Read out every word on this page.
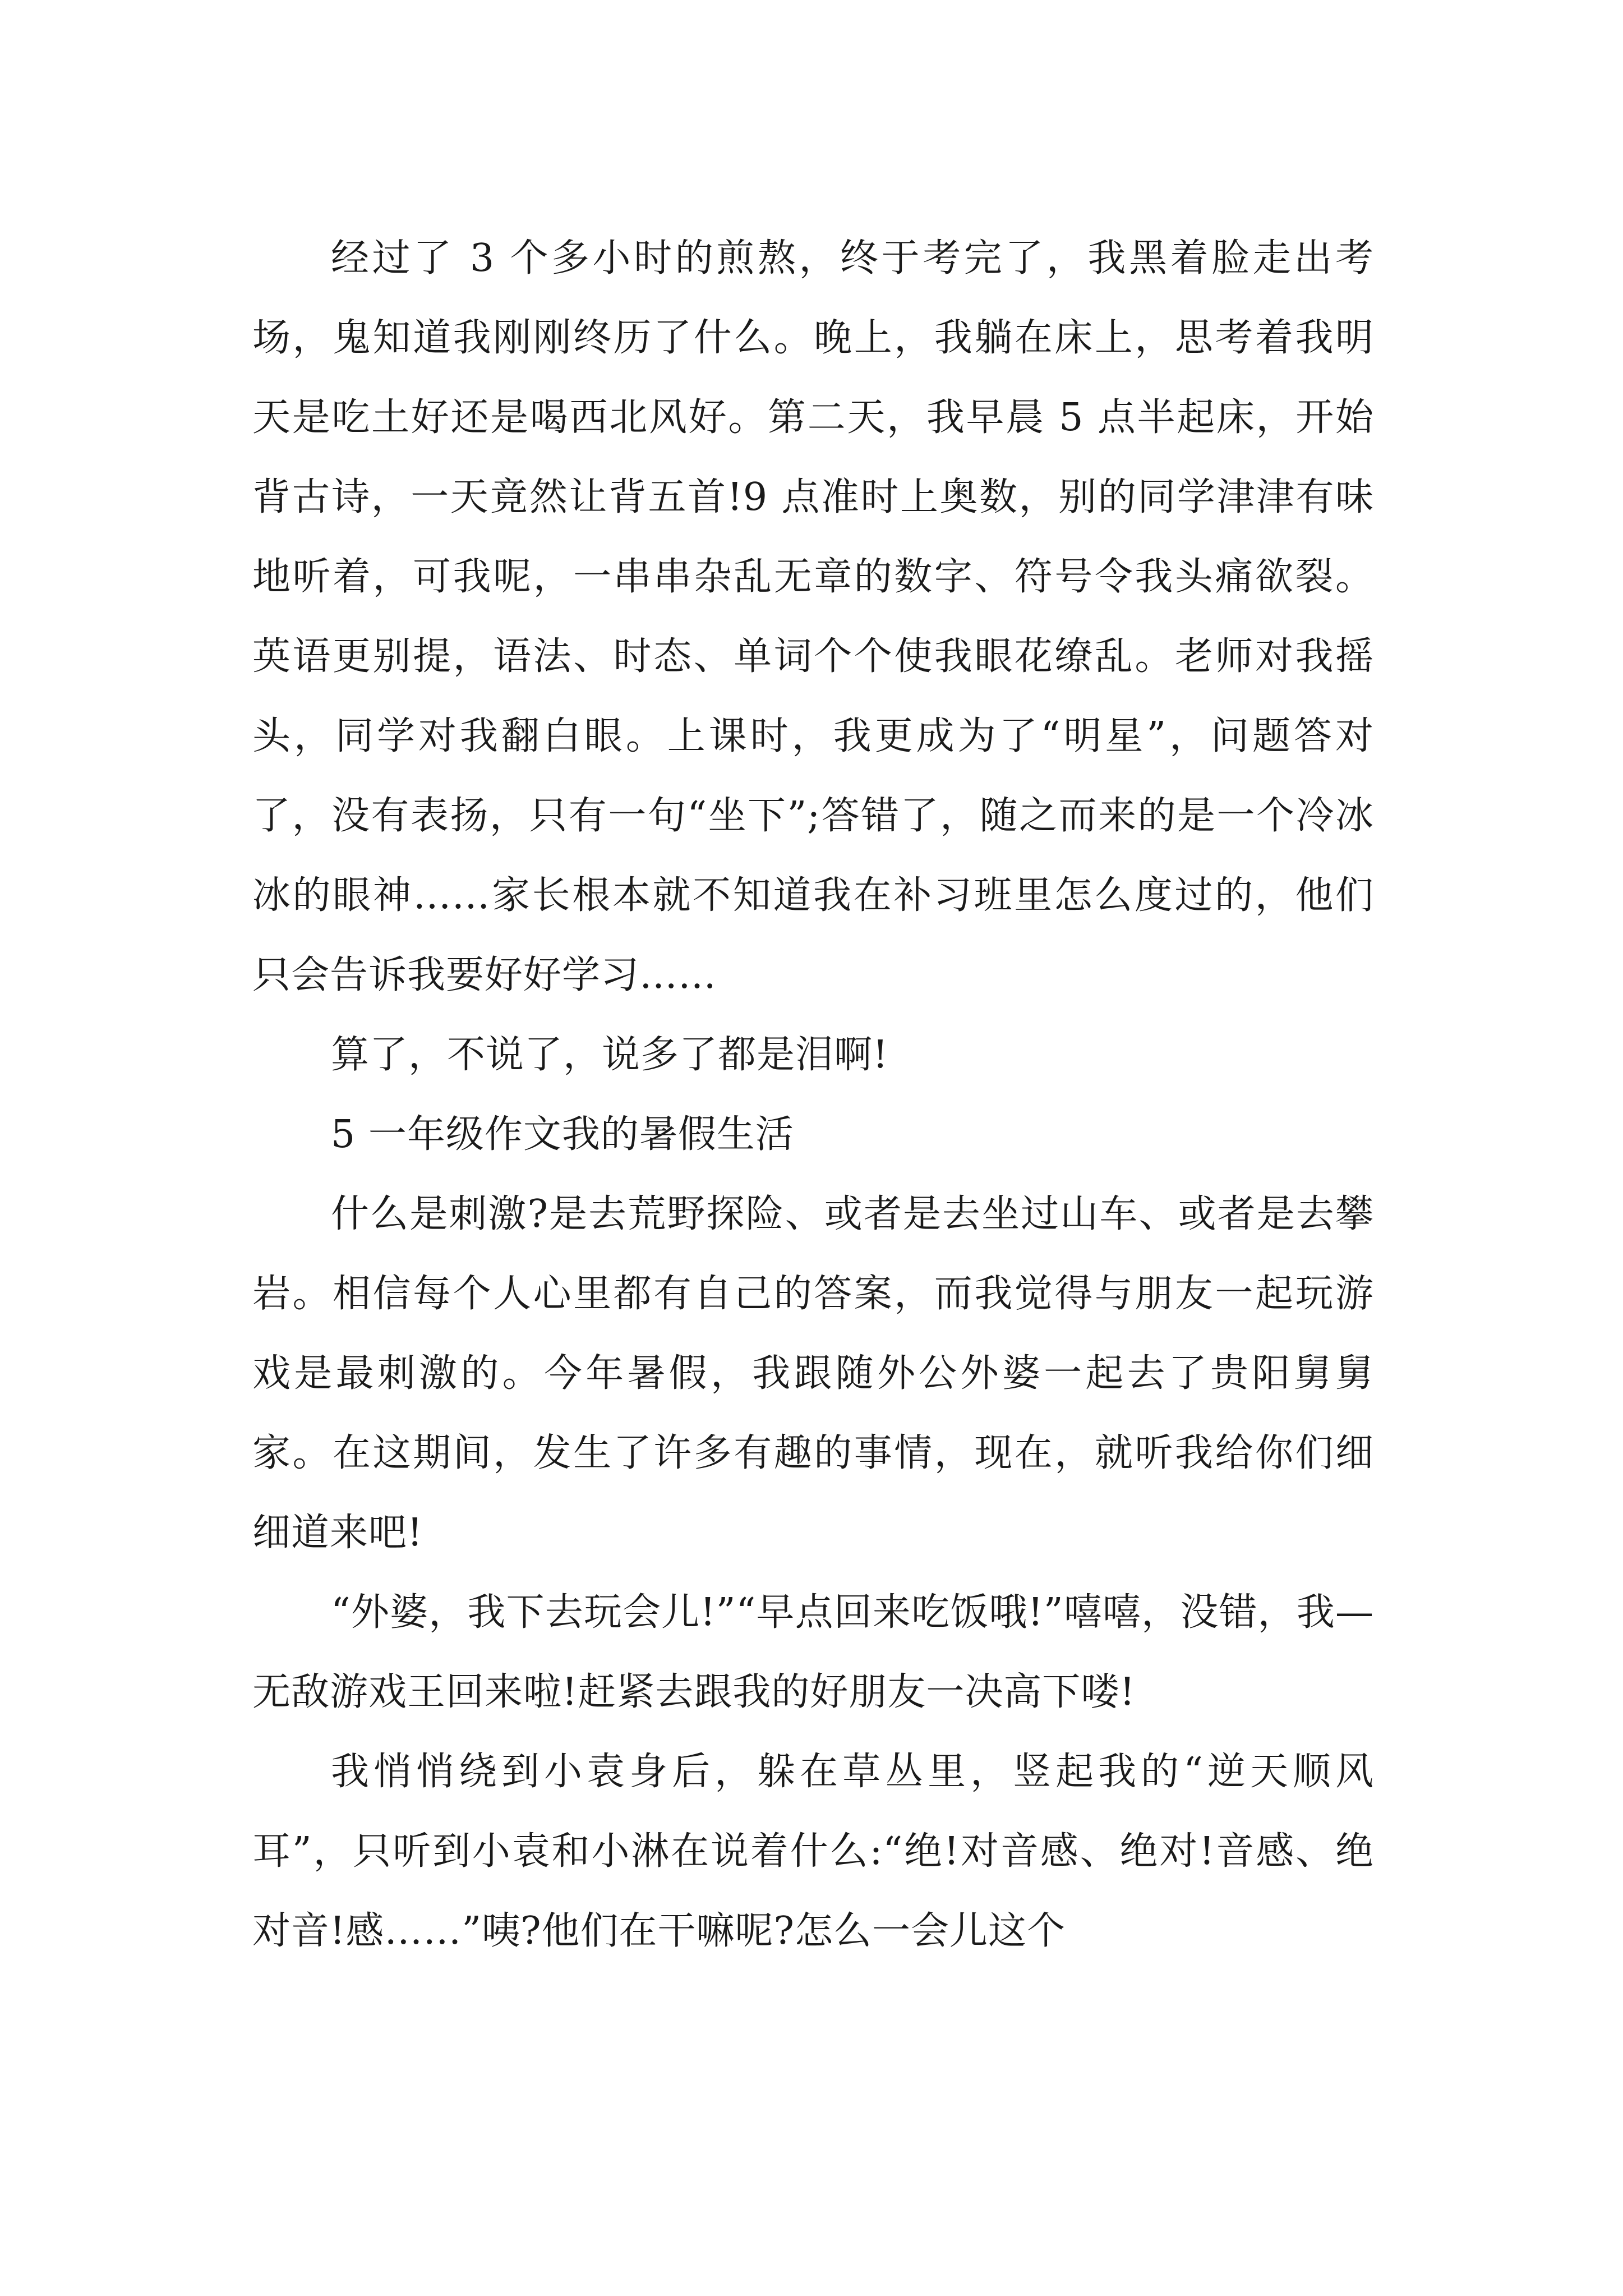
经过了 3 个多小时的煎熬，终于考完了，我黑着脸走出考场，鬼知道我刚刚终历了什么。晚上，我躺在床上，思考着我明天是吃土好还是喝西北风好。第二天，我早晨 5 点半起床，开始背古诗，一天竟然让背五首!9 点准时上奥数，别的同学津津有味地听着，可我呢，一串串杂乱无章的数字、符号令我头痛欲裂。英语更别提，语法、时态、单词个个使我眼花缭乱。老师对我摇头，同学对我翻白眼。上课时，我更成为了“明星”，问题答对了，没有表扬，只有一句“坐下”;答错了，随之而来的是一个冷冰冰的眼神……家长根本就不知道我在补习班里怎么度过的，他们只会告诉我要好好学习……

算了，不说了，说多了都是泪啊!

5 一年级作文我的暑假生活

什么是刺激?是去荒野探险、或者是去坐过山车、或者是去攀岩。相信每个人心里都有自己的答案，而我觉得与朋友一起玩游戏是最刺激的。今年暑假，我跟随外公外婆一起去了贵阳舅舅家。在这期间，发生了许多有趣的事情，现在，就听我给你们细细道来吧!

“外婆，我下去玩会儿!”“早点回来吃饭哦!”嘻嘻，没错，我—无敌游戏王回来啦!赶紧去跟我的好朋友一决高下喽!

我悄悄绕到小袁身后，躲在草丛里，竖起我的“逆天顺风耳”，只听到小袁和小淋在说着什么:“绝!对音感、绝对!音感、绝对音!感……”咦?他们在干嘛呢?怎么一会儿这个
